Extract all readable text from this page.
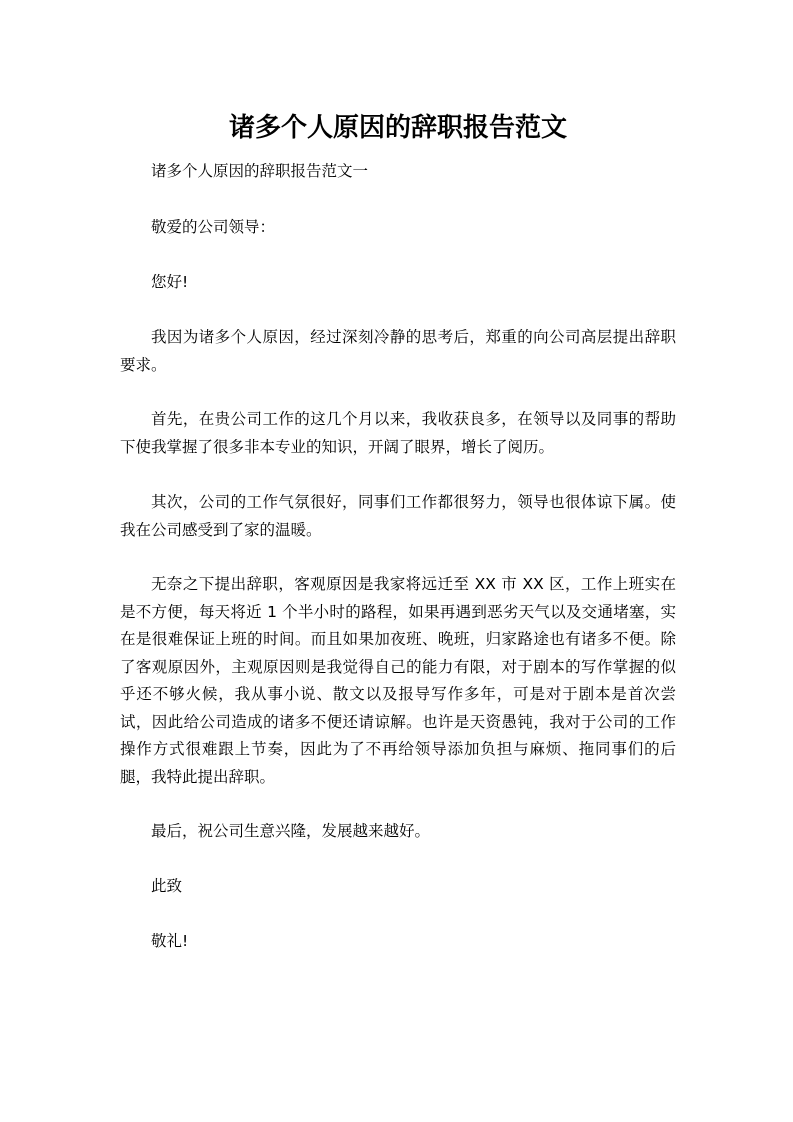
诸多个人原因的辞职报告范文

诸多个人原因的辞职报告范文一

敬爱的公司领导：

您好!

我因为诸多个人原因，经过深刻冷静的思考后，郑重的向公司高层提出辞职要求。

首先，在贵公司工作的这几个月以来，我收获良多，在领导以及同事的帮助下使我掌握了很多非本专业的知识，开阔了眼界，增长了阅历。

其次，公司的工作气氛很好，同事们工作都很努力，领导也很体谅下属。使我在公司感受到了家的温暖。

无奈之下提出辞职，客观原因是我家将远迁至 XX 市 XX 区，工作上班实在是不方便，每天将近 1 个半小时的路程，如果再遇到恶劣天气以及交通堵塞，实在是很难保证上班的时间。而且如果加夜班、晚班，归家路途也有诸多不便。除了客观原因外，主观原因则是我觉得自己的能力有限，对于剧本的写作掌握的似乎还不够火候，我从事小说、散文以及报导写作多年，可是对于剧本是首次尝试，因此给公司造成的诸多不便还请谅解。也许是天资愚钝，我对于公司的工作操作方式很难跟上节奏，因此为了不再给领导添加负担与麻烦、拖同事们的后腿，我特此提出辞职。

最后，祝公司生意兴隆，发展越来越好。

此致

敬礼!
